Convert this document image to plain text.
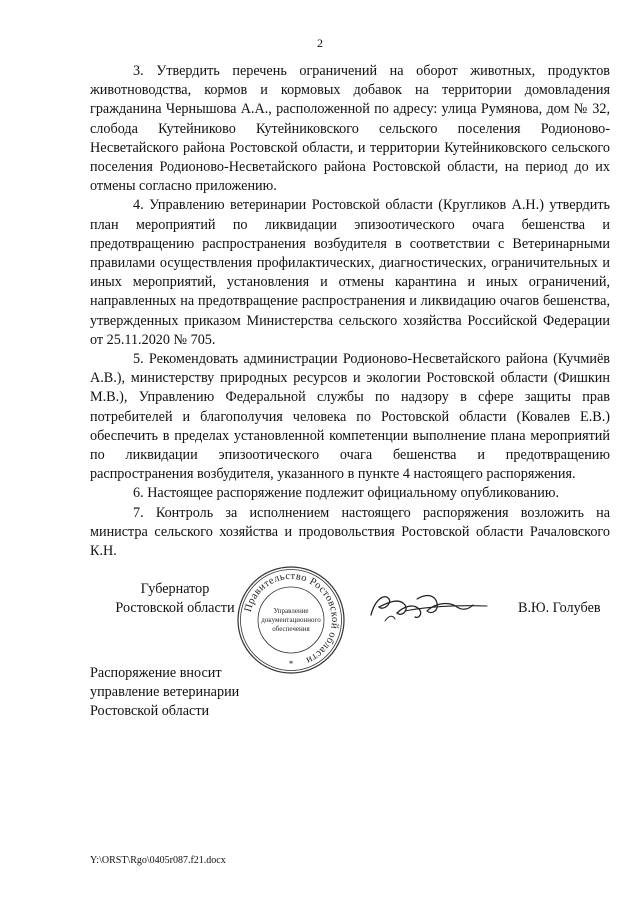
2

3. Утвердить перечень ограничений на оборот животных, продуктов животноводства, кормов и кормовых добавок на территории домовладения гражданина Чернышова А.А., расположенной по адресу: улица Румянова, дом № 32, слобода Кутейниково Кутейниковского сельского поселения Родионово-Несветайского района Ростовской области, и территории Кутейниковского сельского поселения Родионово-Несветайского района Ростовской области, на период до их отмены согласно приложению.

4. Управлению ветеринарии Ростовской области (Кругликов А.Н.) утвердить план мероприятий по ликвидации эпизоотического очага бешенства и предотвращению распространения возбудителя в соответствии с Ветеринарными правилами осуществления профилактических, диагностических, ограничительных и иных мероприятий, установления и отмены карантина и иных ограничений, направленных на предотвращение распространения и ликвидацию очагов бешенства, утвержденных приказом Министерства сельского хозяйства Российской Федерации от 25.11.2020 № 705.

5. Рекомендовать администрации Родионово-Несветайского района (Кучмиёв А.В.), министерству природных ресурсов и экологии Ростовской области (Фишкин М.В.), Управлению Федеральной службы по надзору в сфере защиты прав потребителей и благополучия человека по Ростовской области (Ковалев Е.В.) обеспечить в пределах установленной компетенции выполнение плана мероприятий по ликвидации эпизоотического очага бешенства и предотвращению распространения возбудителя, указанного в пункте 4 настоящего распоряжения.

6. Настоящее распоряжение подлежит официальному опубликованию.

7. Контроль за исполнением настоящего распоряжения возложить на министра сельского хозяйства и продовольствия Ростовской области Рачаловского К.Н.

Губернатор
Ростовской области Правительство Ростовской области
Управление
документационного
обеспечения
*
В.Ю. Голубев
Распоряжение вносит
управление ветеринарии
Ростовской области
Y:\ORST\Rgo\0405r087.f21.docx
